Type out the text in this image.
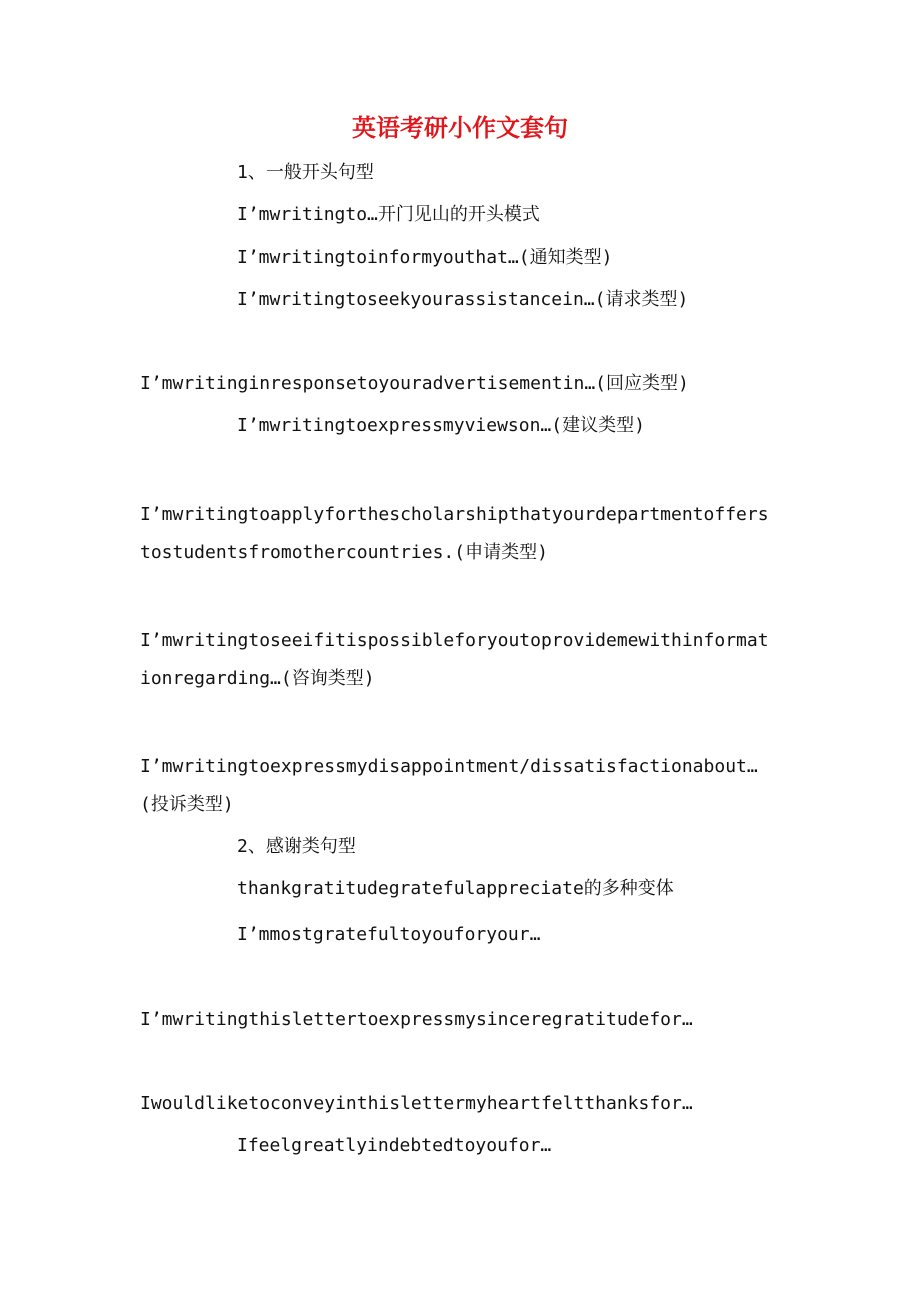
英语考研小作文套句
1、一般开头句型
I’mwritingto…开门见山的开头模式
I’mwritingtoinformyouthat…(通知类型)
I’mwritingtoseekyourassistancein…(请求类型)
I’mwritinginresponsetoyouradvertisementin…(回应类型)
I’mwritingtoexpressmyviewson…(建议类型)
I’mwritingtoapplyforthescholarshipthatyourdepartmentoffers
tostudentsfromothercountries.(申请类型)
I’mwritingtoseeifitispossibleforyoutoprovidemewithinformat
ionregarding…(咨询类型)
I’mwritingtoexpressmydisappointment/dissatisfactionabout…
(投诉类型)
2、感谢类句型
thankgratitudegratefulappreciate的多种变体
I’mmostgratefultoyouforyour…
I’mwritingthislettertoexpressmysinceregratitudefor…
Iwouldliketoconveyinthislettermyheartfeltthanksfor…
Ifeelgreatlyindebtedtoyoufor…
